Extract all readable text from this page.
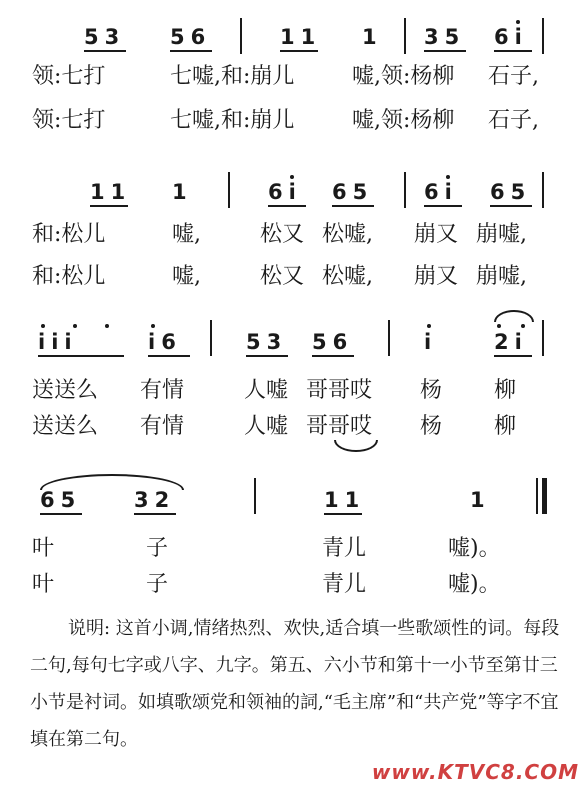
53 56	11 1 35 6i
领:七打	七嘘,和:崩儿	嘘,领:杨柳 石子,
领:七打	七嘘,和:崩儿	嘘,领:杨柳 石子,
11 1	6i 65 6i 65
和:松儿	嘘,	松又 松嘘, 崩又 崩嘘,
和:松儿	嘘,	松又 松嘘, 崩又 崩嘘,
iii	i6	53 56	i	2i
送送么 有情	人嘘 哥哥哎 杨 柳
送送么 有情	人嘘 哥哥哎 杨 柳
65	32	11	1
叶	子	青儿	嘘)。
叶	子	青儿	嘘)。
说明: 这首小调,情绪热烈、欢快,适合填一些歌颂性的词。每段二句,每句七字或八字、九字。第五、六小节和第十一小节至第廿三小节是衬词。如填歌颂党和领袖的詞,“毛主席”和“共产党”等字不宜填在第二句。
www.KTVC8.COM
